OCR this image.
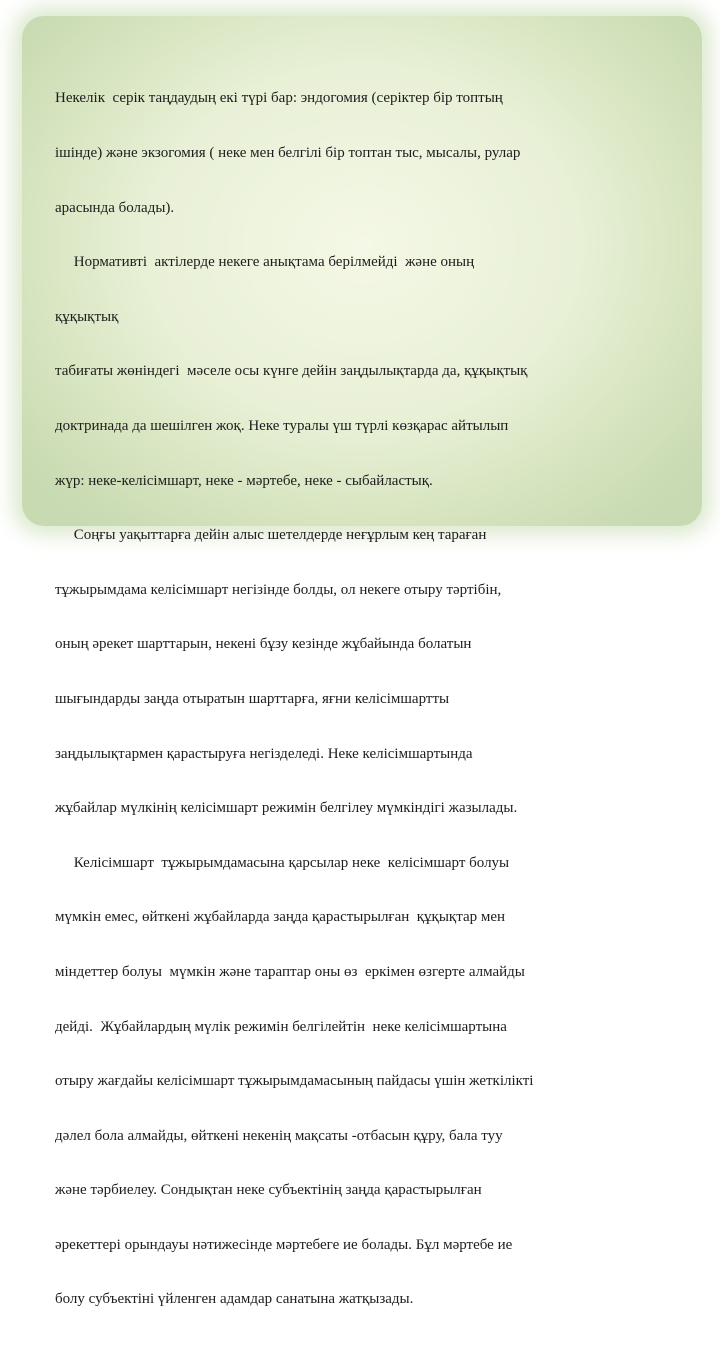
Некелік  серік таңдаудың екі түрі бар: эндогомия (серіктер бір топтың

ішінде) және экзогомия ( неке мен белгілі бір топтан тыс, мысалы, рулар

арасында болады).

Нормативті  актілерде некеге анықтама берілмейді  және оның

құқықтық

табиғаты жөніндегі  мәселе осы күнге дейін заңдылықтарда да, құқықтық

доктринада да шешілген жоқ. Неке туралы үш түрлі көзқарас айтылып

жүр: неке-келісімшарт, неке - мәртебе, неке - сыбайластық.

Соңғы уақыттарға дейін алыс шетелдерде неғұрлым кең тараған

тұжырымдама келісімшарт негізінде болды, ол некеге отыру тәртібін,

оның әрекет шарттарын, некені бұзу кезінде жұбайында болатын

шығындарды заңда отыратын шарттарға, яғни келісімшартты

заңдылықтармен қарастыруға негізделеді. Неке келісімшартында

жұбайлар мүлкінің келісімшарт режимін белгілеу мүмкіндігі жазылады.

Келісімшарт  тұжырымдамасына қарсылар неке  келісімшарт болуы

мүмкін емес, өйткені жұбайларда заңда қарастырылған  құқықтар мен

міндеттер болуы  мүмкін және тараптар оны өз  еркімен өзгерте алмайды

дейді.  Жұбайлардың мүлік режимін белгілейтін  неке келісімшартына

отыру жағдайы келісімшарт тұжырымдамасының пайдасы үшін жеткілікті

дәлел бола алмайды, өйткені некенің мақсаты -отбасын құру, бала туу

және тәрбиелеу. Сондықтан неке субъектінің заңда қарастырылған

әрекеттері орындауы нәтижесінде мәртебеге ие болады. Бұл мәртебе ие

болу субъектіні үйленген адамдар санатына жатқызады.
